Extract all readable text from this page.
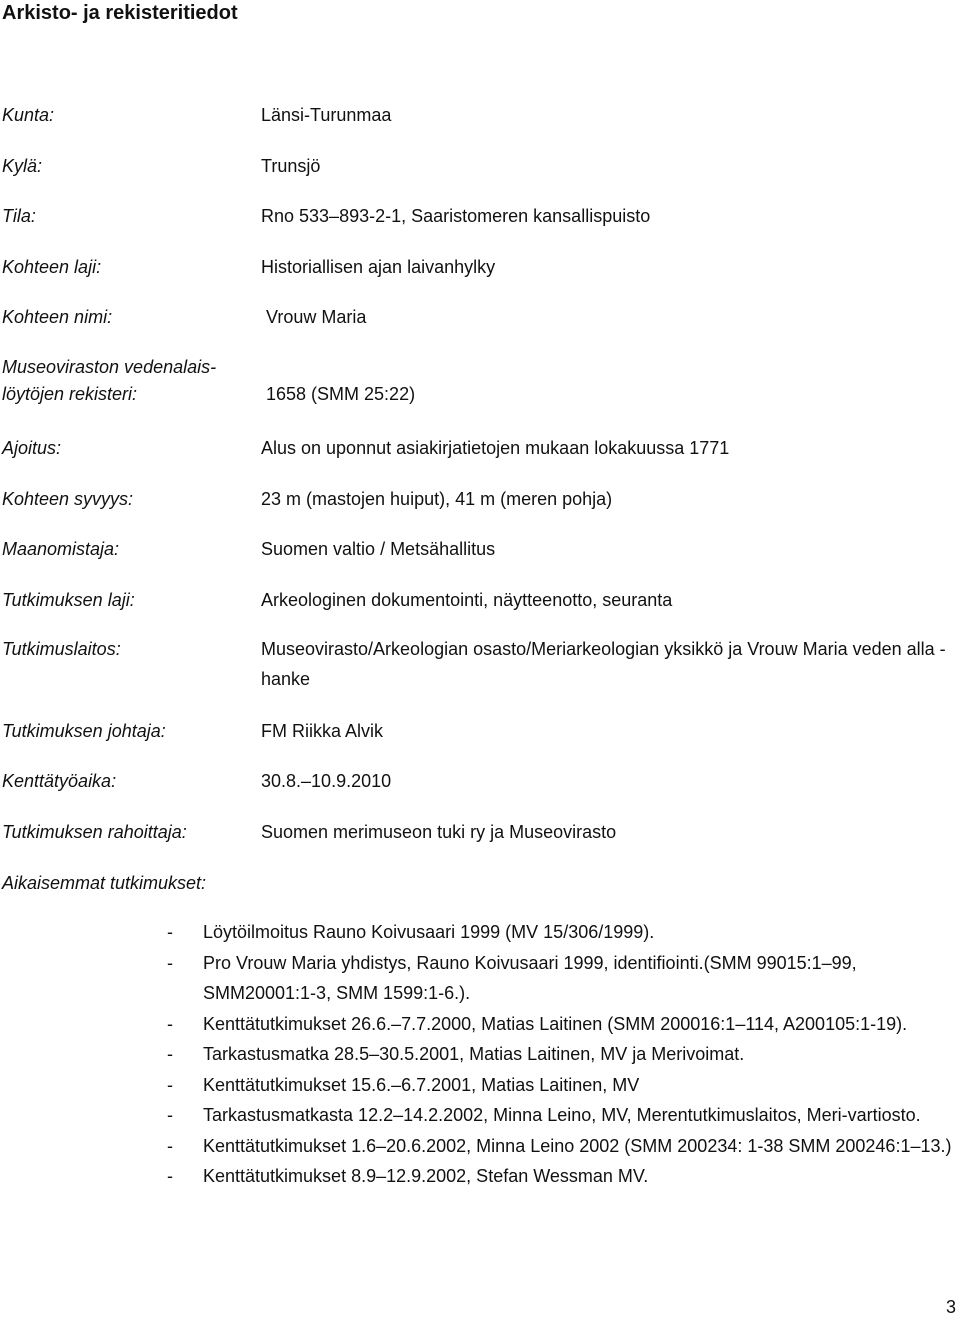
Arkisto- ja rekisteritiedot
Kunta:
Kylä:
Tila:
Kohteen laji:
Kohteen nimi:
Museoviraston vedenalais-
löytöjen rekisteri:
Ajoitus:
Kohteen syvyys:
Maanomistaja:
Tutkimuksen laji:
Tutkimuslaitos:
Tutkimuksen johtaja:
Kenttätyöaika:
Tutkimuksen rahoittaja:
Länsi-Turunmaa
Trunsjö
Rno 533–893-2-1, Saaristomeren kansallispuisto
Historiallisen ajan laivanhylky
Vrouw Maria
1658 (SMM 25:22)
Alus on uponnut asiakirjatietojen mukaan lokakuussa 1771
23 m (mastojen huiput), 41 m (meren pohja)
Suomen valtio / Metsähallitus
Arkeologinen dokumentointi, näytteenotto, seuranta
Museovirasto/Arkeologian osasto/Meriarkeologian yksikkö ja Vrouw Maria veden alla - hanke
FM Riikka Alvik
30.8.–10.9.2010
Suomen merimuseon tuki ry ja Museovirasto
Aikaisemmat tutkimukset:
- Löytöilmoitus Rauno Koivusaari 1999 (MV 15/306/1999).
- Pro Vrouw Maria yhdistys, Rauno Koivusaari 1999, identifiointi.(SMM 99015:1–99, SMM20001:1-3, SMM 1599:1-6.).
- Kenttätutkimukset 26.6.–7.7.2000, Matias Laitinen (SMM 200016:1–114, A200105:1-19).
- Tarkastusmatka 28.5–30.5.2001, Matias Laitinen, MV ja Merivoimat.
- Kenttätutkimukset 15.6.–6.7.2001, Matias Laitinen, MV
- Tarkastusmatkasta 12.2–14.2.2002, Minna Leino, MV, Merentutkimuslaitos, Meri-vartiosto.
- Kenttätutkimukset 1.6–20.6.2002, Minna Leino 2002 (SMM 200234: 1-38 SMM 200246:1–13.)
- Kenttätutkimukset 8.9–12.9.2002, Stefan Wessman MV.
3
